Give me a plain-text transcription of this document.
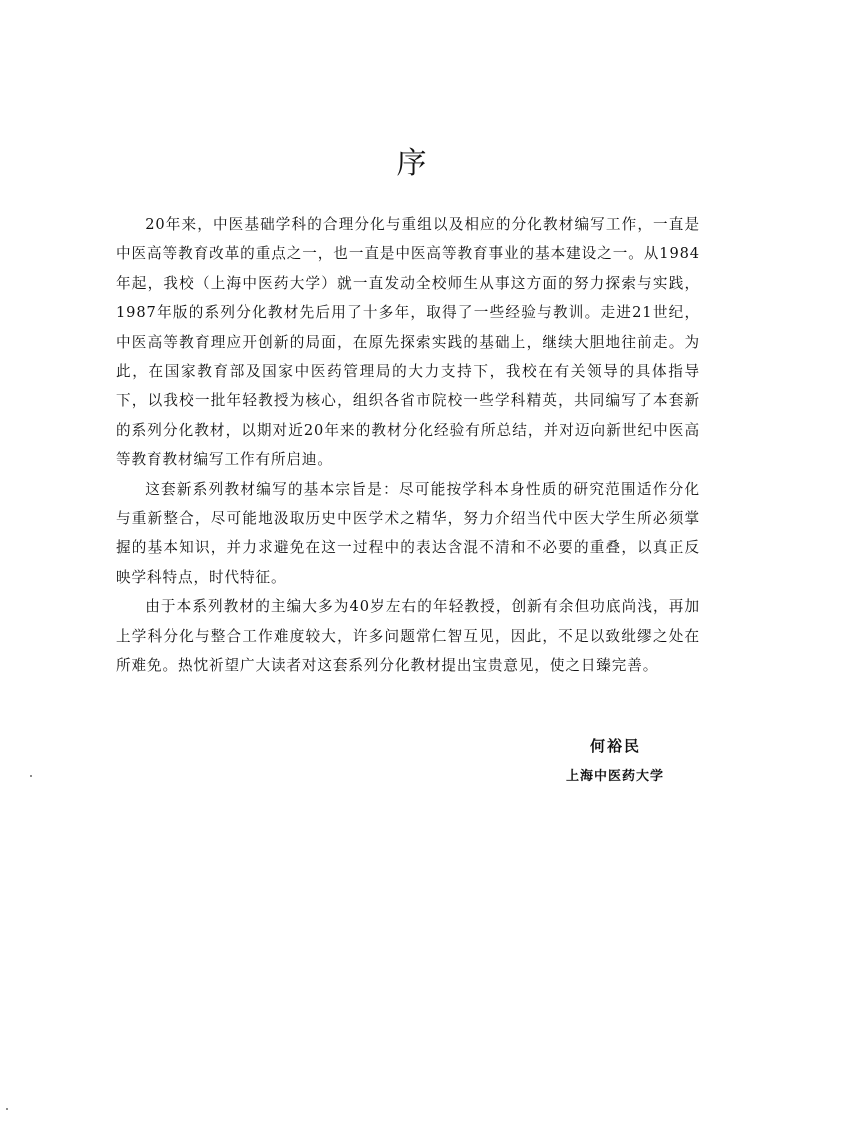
序

20年来，中医基础学科的合理分化与重组以及相应的分化教材编写工作，一直是中医高等教育改革的重点之一，也一直是中医高等教育事业的基本建设之一。从1984年起，我校（上海中医药大学）就一直发动全校师生从事这方面的努力探索与实践，1987年版的系列分化教材先后用了十多年，取得了一些经验与教训。走进21世纪，中医高等教育理应开创新的局面，在原先探索实践的基础上，继续大胆地往前走。为此，在国家教育部及国家中医药管理局的大力支持下，我校在有关领导的具体指导下，以我校一批年轻教授为核心，组织各省市院校一些学科精英，共同编写了本套新的系列分化教材，以期对近20年来的教材分化经验有所总结，并对迈向新世纪中医高等教育教材编写工作有所启迪。

这套新系列教材编写的基本宗旨是：尽可能按学科本身性质的研究范围适作分化与重新整合，尽可能地汲取历史中医学术之精华，努力介绍当代中医大学生所必须掌握的基本知识，并力求避免在这一过程中的表达含混不清和不必要的重叠，以真正反映学科特点，时代特征。

由于本系列教材的主编大多为40岁左右的年轻教授，创新有余但功底尚浅，再加上学科分化与整合工作难度较大，许多问题常仁智互见，因此，不足以致纰缪之处在所难免。热忱祈望广大读者对这套系列分化教材提出宝贵意见，使之日臻完善。

何裕民
上海中医药大学
